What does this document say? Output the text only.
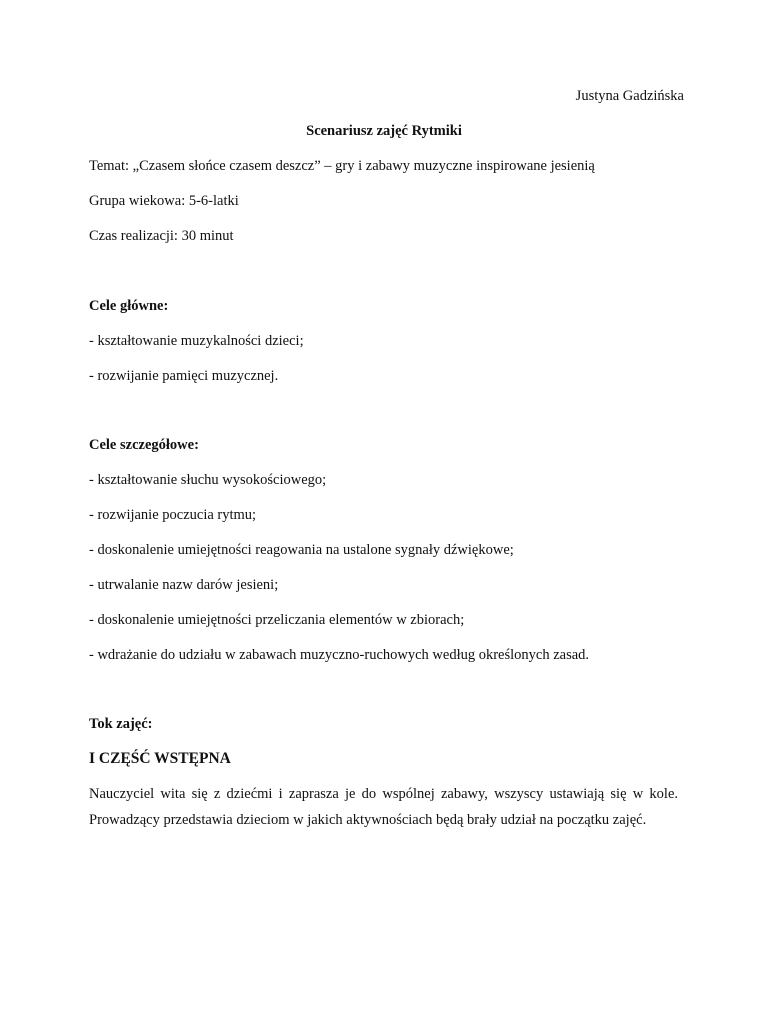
Justyna Gadzińska
Scenariusz zajęć Rytmiki
Temat: „Czasem słońce czasem deszcz” – gry i zabawy muzyczne inspirowane jesienią
Grupa wiekowa: 5-6-latki
Czas realizacji: 30 minut
Cele główne:
- kształtowanie muzykalności dzieci;
- rozwijanie pamięci muzycznej.
Cele szczegółowe:
- kształtowanie słuchu wysokościowego;
- rozwijanie poczucia rytmu;
- doskonalenie umiejętności reagowania na ustalone sygnały dźwiękowe;
- utrwalanie nazw darów jesieni;
- doskonalenie umiejętności przeliczania elementów w zbiorach;
- wdrażanie do udziału w zabawach muzyczno-ruchowych według określonych zasad.
Tok zajęć:
I CZĘŚĆ WSTĘPNA
Nauczyciel wita się z dziećmi i zaprasza je do wspólnej zabawy, wszyscy ustawiają się w kole. Prowadzący przedstawia dzieciom w jakich aktywnościach będą brały udział na początku zajęć.
